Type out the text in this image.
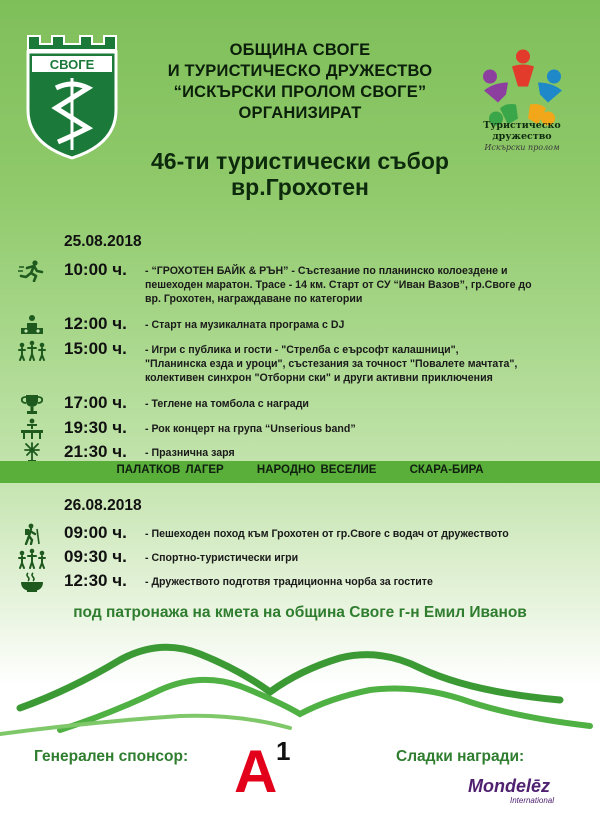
СВОГЕ
ОБЩИНА СВОГЕ
И ТУРИСТИЧЕСКО ДРУЖЕСТВО
“ИСКЪРСКИ ПРОЛОМ СВОГЕ”
ОРГАНИЗИРАТ
Туристическо дружество
Искърски пролом
46-ти туристически събор
вр.Грохотен
25.08.2018
10:00 ч. - “ГРОХОТЕН БАЙК & РЪН” - Състезание по планинско колоездене и
пешеходен маратон. Трасе - 14 км. Старт от СУ “Иван Вазов”, гр.Своге до
вр. Грохотен, награждаване по категории
12:00 ч. - Старт на музикалната програма с DJ
15:00 ч. - Игри с публика и гости - "Стрелба с еърсофт калашници",
"Планинска езда и уроци", състезания за точност "Повалете мачтата",
колективен синхрон "Отборни ски" и други активни приключения
17:00 ч. - Теглене на томбола с награди
19:30 ч. - Рок концерт на група “Unserious band”
21:30 ч. - Празнична заря
ПАЛАТКОВ ЛАГЕР	НАРОДНО ВЕСЕЛИЕ	СКАРА-БИРА
26.08.2018
09:00 ч. - Пешеходен поход към Грохотен от гр.Своге с водач от дружеството
09:30 ч. - Спортно-туристически игри
12:30 ч. - Дружеството подготвя традиционна чорба за гостите
под патронажа на кмета на община Своге г-н Емил Иванов
Генерален спонсор: A
1	Сладки награди:
Mondelēz
International
